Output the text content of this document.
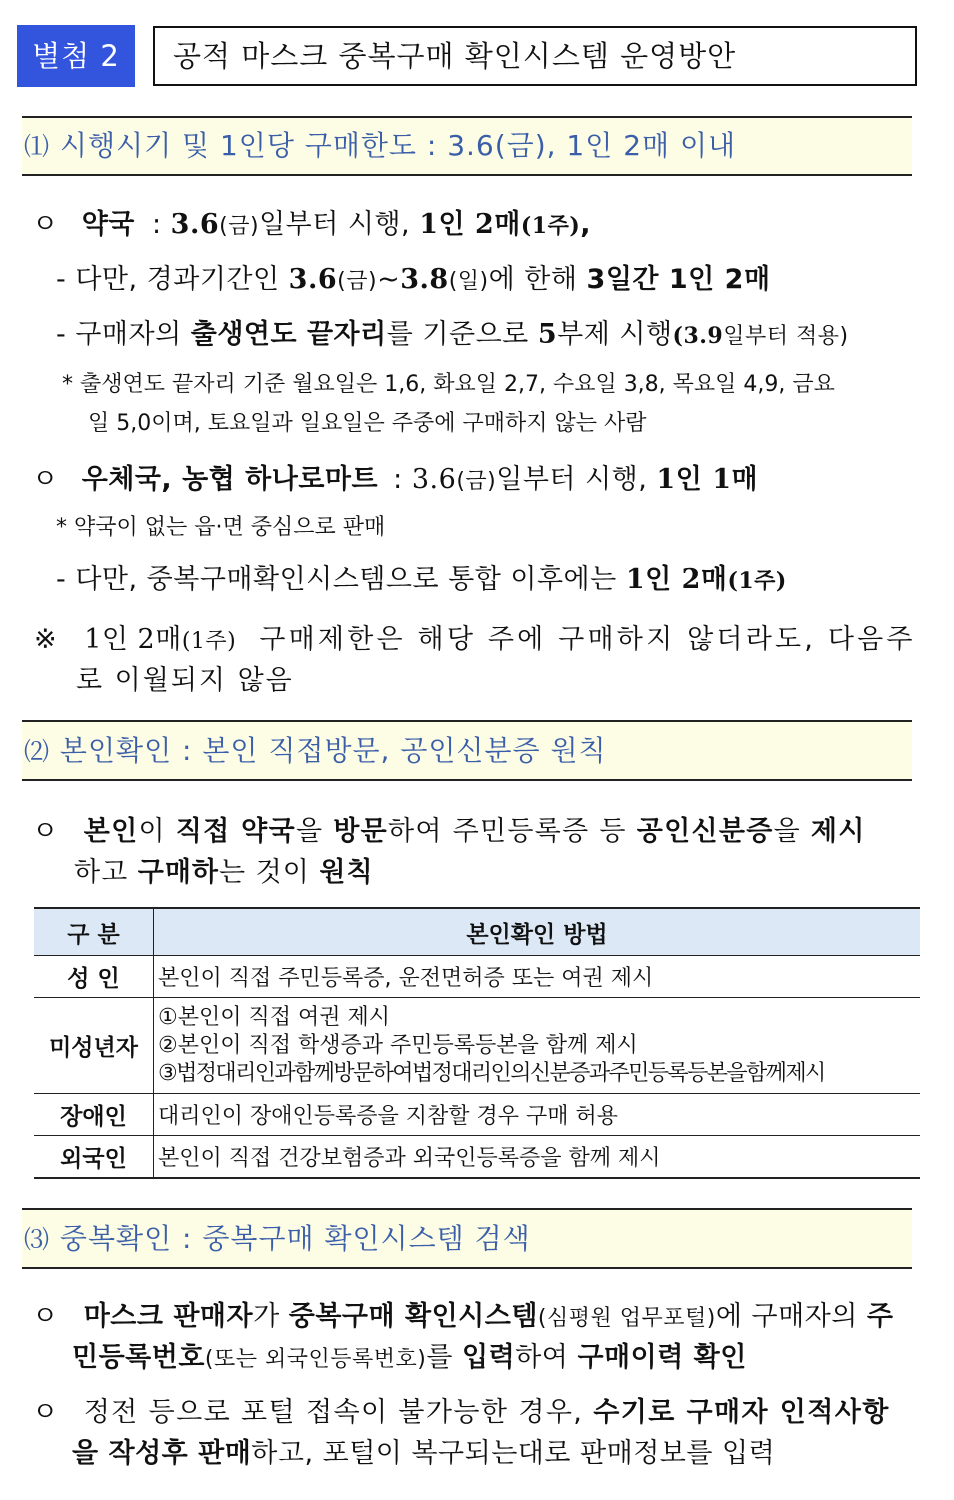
별첨 2	공적 마스크 중복구매 확인시스템 운영방안
⑴ 시행시기 및 1인당 구매한도 : 3.6(금), 1인 2매 이내
ㅇ 약국 : 3.6(금)일부터 시행, 1인 2매(1주),
- 다만, 경과기간인 3.6(금)~3.8(일)에 한해 3일간 1인 2매
- 구매자의 출생연도 끝자리를 기준으로 5부제 시행(3.9일부터 적용)
* 출생연도 끝자리 기준 월요일은 1,6, 화요일 2,7, 수요일 3,8, 목요일 4,9, 금요
일 5,0이며, 토요일과 일요일은 주중에 구매하지 않는 사람
ㅇ 우체국, 농협 하나로마트 : 3.6(금)일부터 시행, 1인 1매
* 약국이 없는 읍·면 중심으로 판매
- 다만, 중복구매확인시스템으로 통합 이후에는 1인 2매(1주)
※ 1인 2매(1주) 구매제한은 해당 주에 구매하지 않더라도, 다음주
로 이월되지 않음
⑵ 본인확인 : 본인 직접방문, 공인신분증 원칙
ㅇ 본인이 직접 약국을 방문하여 주민등록증 등 공인신분증을 제시
하고 구매하는 것이 원칙
구 분	본인확인 방법
성 인	본인이 직접 주민등록증, 운전면허증 또는 여권 제시
미성년자	①본인이 직접 여권 제시
②본인이 직접 학생증과 주민등록등본을 함께 제시
③법정대리인과함께방문하여법정대리인의신분증과주민등록등본을함께제시

장애인	대리인이 장애인등록증을 지참할 경우 구매 허용
외국인	본인이 직접 건강보험증과 외국인등록증을 함께 제시
⑶ 중복확인 : 중복구매 확인시스템 검색
ㅇ 마스크 판매자가 중복구매 확인시스템(심평원 업무포털)에 구매자의 주
민등록번호(또는 외국인등록번호)를 입력하여 구매이력 확인
ㅇ 정전 등으로 포털 접속이 불가능한 경우, 수기로 구매자 인적사항
을 작성후 판매하고, 포털이 복구되는대로 판매정보를 입력
